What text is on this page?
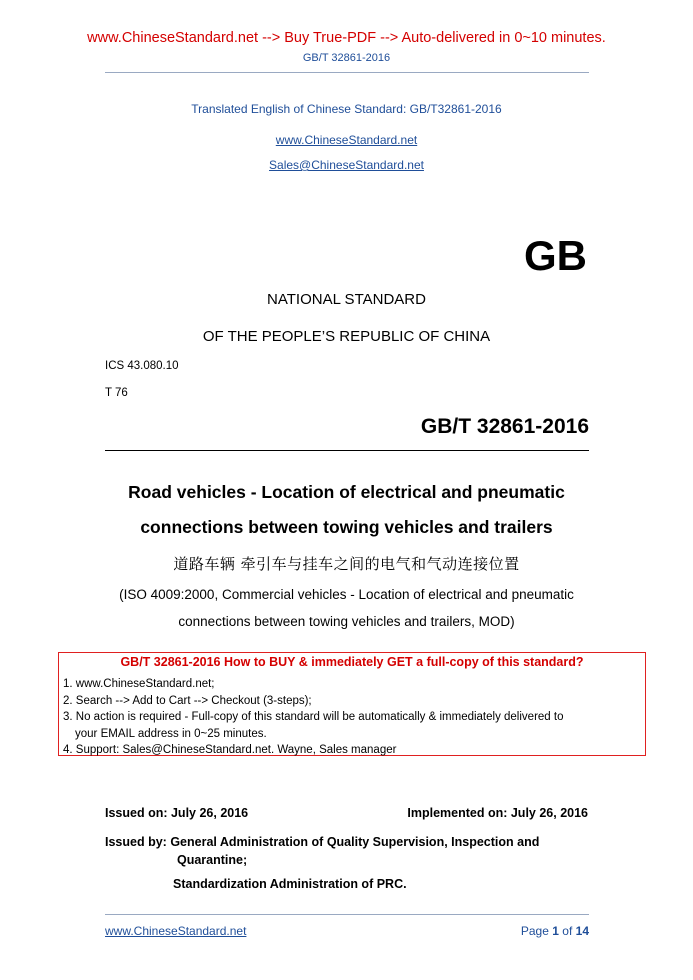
www.ChineseStandard.net --> Buy True-PDF --> Auto-delivered in 0~10 minutes.
GB/T 32861-2016
Translated English of Chinese Standard: GB/T32861-2016
www.ChineseStandard.net
Sales@ChineseStandard.net
GB
NATIONAL STANDARD
OF THE PEOPLE’S REPUBLIC OF CHINA
ICS 43.080.10
T 76
GB/T 32861-2016
Road vehicles - Location of electrical and pneumatic
connections between towing vehicles and trailers
道路车辆 牵引车与挂车之间的电气和气动连接位置
(ISO 4009:2000, Commercial vehicles - Location of electrical and pneumatic
connections between towing vehicles and trailers, MOD)
GB/T 32861-2016 How to BUY & immediately GET a full-copy of this standard?
1. www.ChineseStandard.net;
2. Search --> Add to Cart --> Checkout (3-steps);
3. No action is required - Full-copy of this standard will be automatically & immediately delivered to
your EMAIL address in 0~25 minutes.
4. Support: Sales@ChineseStandard.net. Wayne, Sales manager
Issued on: July 26, 2016	Implemented on: July 26, 2016
Issued by: General Administration of Quality Supervision, Inspection and
Quarantine;
Standardization Administration of PRC.
www.ChineseStandard.net	Page 1 of 14
